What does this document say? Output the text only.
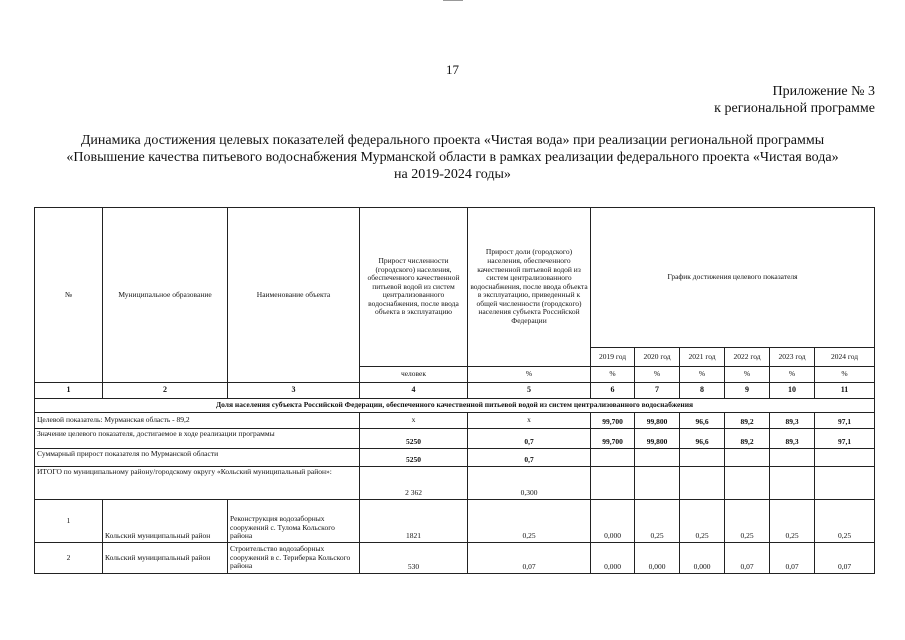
17
Приложение № 3
к региональной программе
Динамика достижения целевых показателей федерального проекта «Чистая вода» при реализации региональной программы
«Повышение качества питьевого водоснабжения Мурманской области в рамках реализации федерального проекта «Чистая вода»
на 2019-2024 годы»
№	Муниципальное образование	Наименование объекта	Прирост численности (городского) населения, обеспеченного качественной питьевой водой из систем централизованного водоснабжения, после ввода объекта в эксплуатацию	Прирост доли (городского) населения, обеспеченного качественной питьевой водой из систем централизованного водоснабжения, после ввода объекта в эксплуатацию, приведенный к общей численности (городского) населения субъекта Российской Федерации	График достижения целевого показателя					
					2019 год	2020 год	2021 год	2022 год	2023 год	2024 год
			человек	%	%	%	%	%	%	%
1	2	3	4	5	6	7	8	9	10	11
Доля населения субъекта Российской Федерации, обеспеченного качественной питьевой водой из систем централизованного водоснабжения										
Целевой показатель: Мурманская область - 89,2			х	х	99,700	99,800	96,6	89,2	89,3	97,1
Значение целевого показателя, достигаемое в ходе реализации программы			5250	0,7	99,700	99,800	96,6	89,2	89,3	97,1
Суммарный прирост показателя по Мурманской области			5250	0,7						
ИТОГО по муниципальному району/городскому округу «Кольский муниципальный район»:			2 362	0,300						
1	Кольский муниципальный район	Реконструкция водозаборных сооружений с. Тулома Кольского района	1821	0,25	0,000	0,25	0,25	0,25	0,25	0,25
2	Кольский муниципальный район	Строительство водозаборных сооружений в с. Териберка Кольского района	530	0,07	0,000	0,000	0,000	0,07	0,07	0,07
